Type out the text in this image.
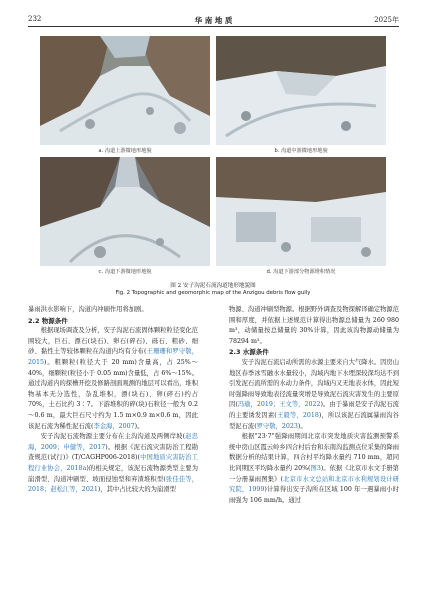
232	华 南 地 质	2025年
a. 沟道上游微地形地貌	b. 沟道中游微地形地貌
c. 沟道下游微地形地貌	d. 沟道下游部分物源堆积情况
图 2 安子沟泥石流沟道地形地貌图
Fig. 2 Topographic and geomorphic map of the Anzigou debris flow gully

暴雨洪水影响下，沟道内冲刷作用将加剧。

2.2 物源条件

根据现场调查及分析，安子沟泥石流固体颗粒粒径变化范围较大，巨石、漂石(块石)、卵石(碎石)、砾石、粗砂、细砂、黏性土等较体颗粒在沟道内均有分布(王珊珊和罗守敬，2015)。粗颗粒(粒径大于 20 mm)含量高，占 25%～40%，细颗粒(粒径小于 0.05 mm)含量低，占 6%～15%。通过沟道内的探槽开挖及修路剖面观测的地层可以看出，堆积物基本无分选性，杂乱堆积，漂(块石)、卵(碎石)约占 70%，土石比约 3∶7。下游堆积的碎(块)石粒径一般为 0.2～0.6 m，最大巨石尺寸约为 1.5 m×0.9 m×0.6 m，因此该泥石流为稀性泥石流(李金海，2007)。

安子沟泥石流物源主要分布在主沟沟道及两侧岸坡(赵忠海，2009；申健等，2017)。根据《泥石流灾害防治工程勘查规范(试行)》(T/CAGHP006-2018)(中国地质灾害防治工程行业协会，2018a)的相关规定，该泥石流物源类型主要为崩滑型、沟道冲刷型、坡面侵蚀型和弃渣堆积型(张佳佳等，2018；赵松江等，2021)，其中占比较大的为崩滑型

物源、沟道冲刷型物源。根据野外调查及物探解译确定物源范围和厚度，并依据上述规范计算得出物源总储量为 260 980 m³，动储量按总储量的 30%计算，因此该沟物源动储量为78294 m³。

2.3 水源条件

安子沟泥石流启动所需的水源主要来自大气降水。因房山地区春季冰雪融水水量较小，沟域内地下水埋深较深均达不到引发泥石流所需的水动力条件，沟域内又无地表水体，因此短时强降雨导致地表径流量突增是导致泥石流灾害发生的主要原因(冯瑜，2019；王文等，2022)。由于暴雨是安子沟泥石流的主要诱发因素(王毅等，2018)，所以该泥石流属暴雨沟谷型泥石流(罗守敬，2023)。

根据"23·7"强降雨期间北京市突发地质灾害监测预警系统中房山区霞云岭乡四合村后台和东南沟监测点位采集的降雨数据分析的结果计算，四合村平均降水量约 710 mm，超同比同期区平均降水量约 20%(图3)。依据《北京市水文手册第一分册暴雨图集》(北京市水文总站和北京市水利规划设计研究院，1999)计算得出安子沟所在区域 100 年一遇暴雨小时雨强为 106 mm/h。通过
